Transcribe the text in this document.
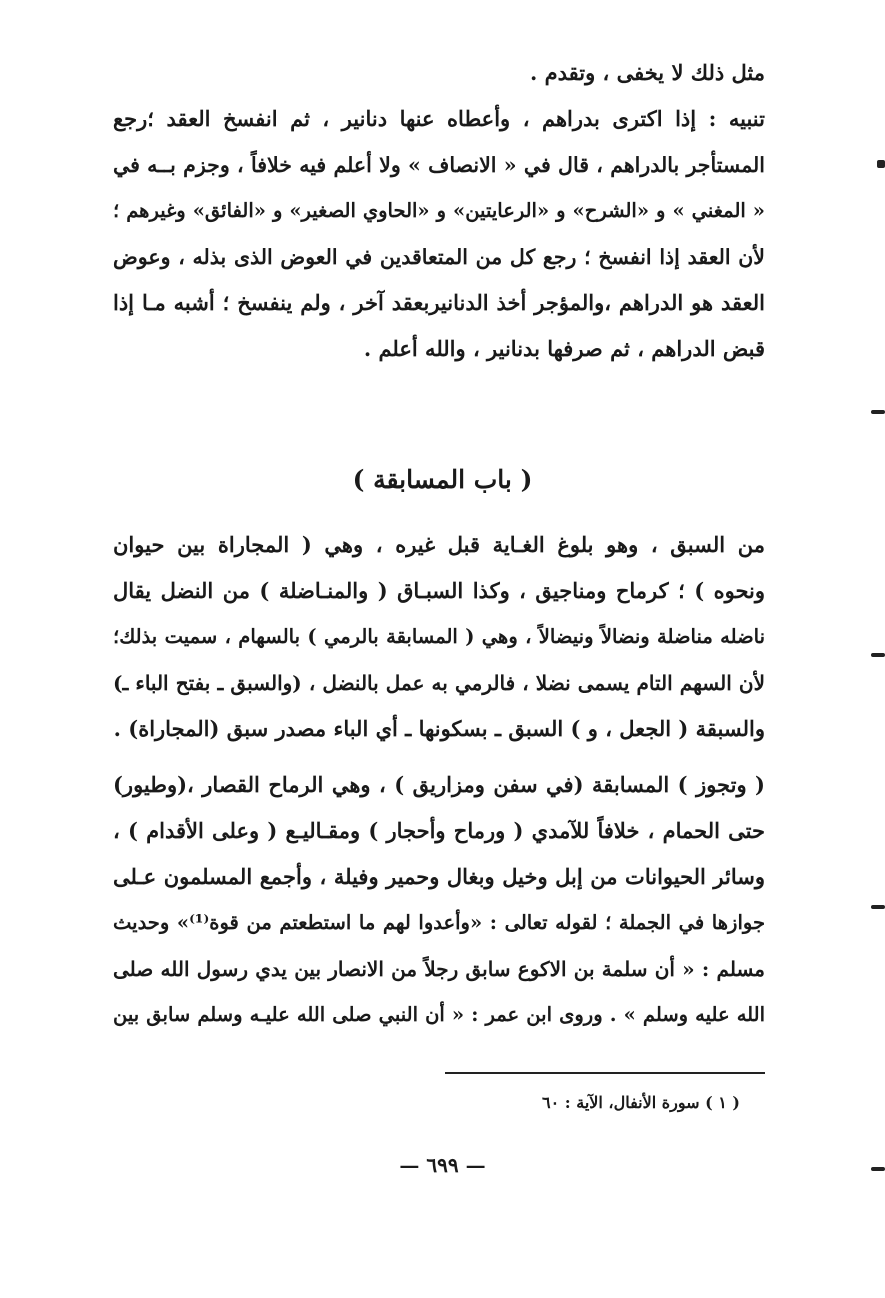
مثل ذلك لا يخفى ، وتقدم .
تنبيه : إذا اكترى بدراهم ، وأعطاه عنها دنانير ، ثم انفسخ العقد ؛رجع
المستأجر بالدراهم ، قال في « الانصاف » ولا أعلم فيه خلافاً ، وجزم بــه في
« المغني » و «الشرح» و «الرعايتين» و «الحاوي الصغير» و «الفائق» وغيرهم ؛
لأن العقد إذا انفسخ ؛ رجع كل من المتعاقدين في العوض الذى بذله ، وعوض
العقد هو الدراهم ،والمؤجر أخذ الدنانيربعقد آخر ، ولم ينفسخ ؛ أشبه مـا إذا
قبض الدراهم ، ثم صرفها بدنانير ، والله أعلم .
( باب المسابقة )
من السبق ، وهو بلوغ الغـاية قبل غيره ، وهي ( المجاراة بين حيوان
ونحوه ) ؛ كرماح ومناجيق ، وكذا السبـاق ( والمنـاضلة ) من النضل يقال
ناضله مناضلة ونضالاً ونيضالاً ، وهي ( المسابقة بالرمي ) بالسهام ، سميت بذلك؛
لأن السهم التام يسمى نضلا ، فالرمي به عمل بالنضل ، (والسبق ـ بفتح الباء ـ)
والسبقة ( الجعل ، و ) السبق ـ بسكونها ـ أي الباء مصدر سبق (المجاراة) .
( وتجوز ) المسابقة (في سفن ومزاريق ) ، وهي الرماح القصار ،(وطيور)
حتى الحمام ، خلافاً للآمدي ( ورماح وأحجار ) ومقـاليـع ( وعلى الأقدام ) ،
وسائر الحيوانات من إبل وخيل وبغال وحمير وفيلة ، وأجمع المسلمون عـلى
جوازها في الجملة ؛ لقوله تعالى : «وأعدوا لهم ما استطعتم من قوة⁽¹⁾» وحديث
مسلم : « أن سلمة بن الاكوع سابق رجلاً من الانصار بين يدي رسول الله صلى
الله عليه وسلم » . وروى ابن عمر : « أن النبي صلى الله عليـه وسلم سابق بين
( ١ ) سورة الأنفال، الآية : ٦٠
— ٦٩٩ —
